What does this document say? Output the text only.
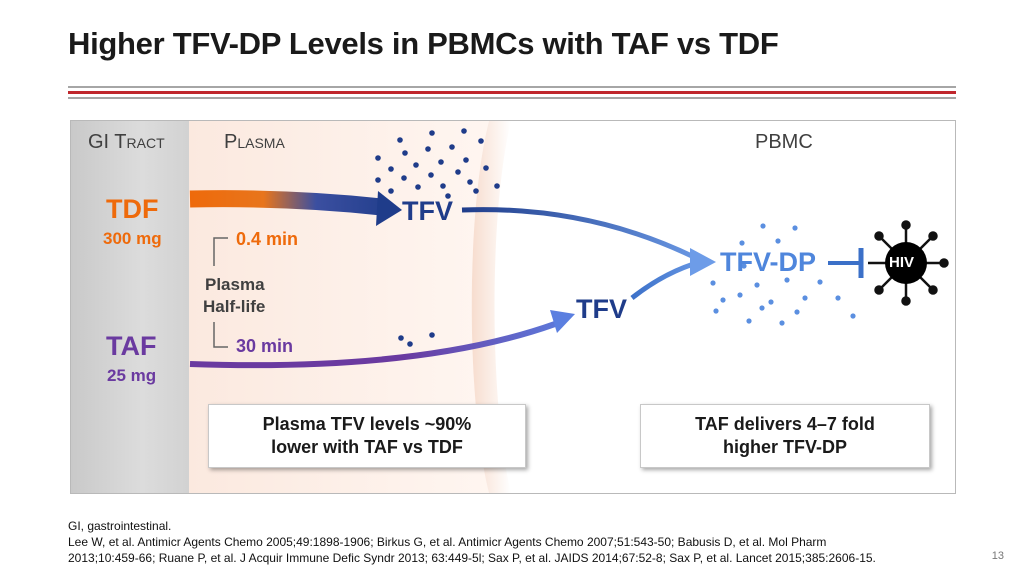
Higher TFV-DP Levels in PBMCs with TAF vs TDF
GI Tract	Plasma	PBMC
TDF
300 mg	0.4 min
Plasma
Half-life
TAF
25 mg
30 min
TFV
TFV
TFV-DP	HIV
Plasma TFV levels ~90%
lower with TAF vs TDF
TAF delivers 4–7 fold
higher TFV-DP
GI, gastrointestinal.
Lee W, et al. Antimicr Agents Chemo 2005;49:1898-1906; Birkus G, et al. Antimicr Agents Chemo 2007;51:543-50; Babusis D, et al. Mol Pharm
2013;10:459-66; Ruane P, et al. J Acquir Immune Defic Syndr 2013; 63:449-5l; Sax P, et al. JAIDS 2014;67:52-8; Sax P, et al. Lancet 2015;385:2606-15.	13
